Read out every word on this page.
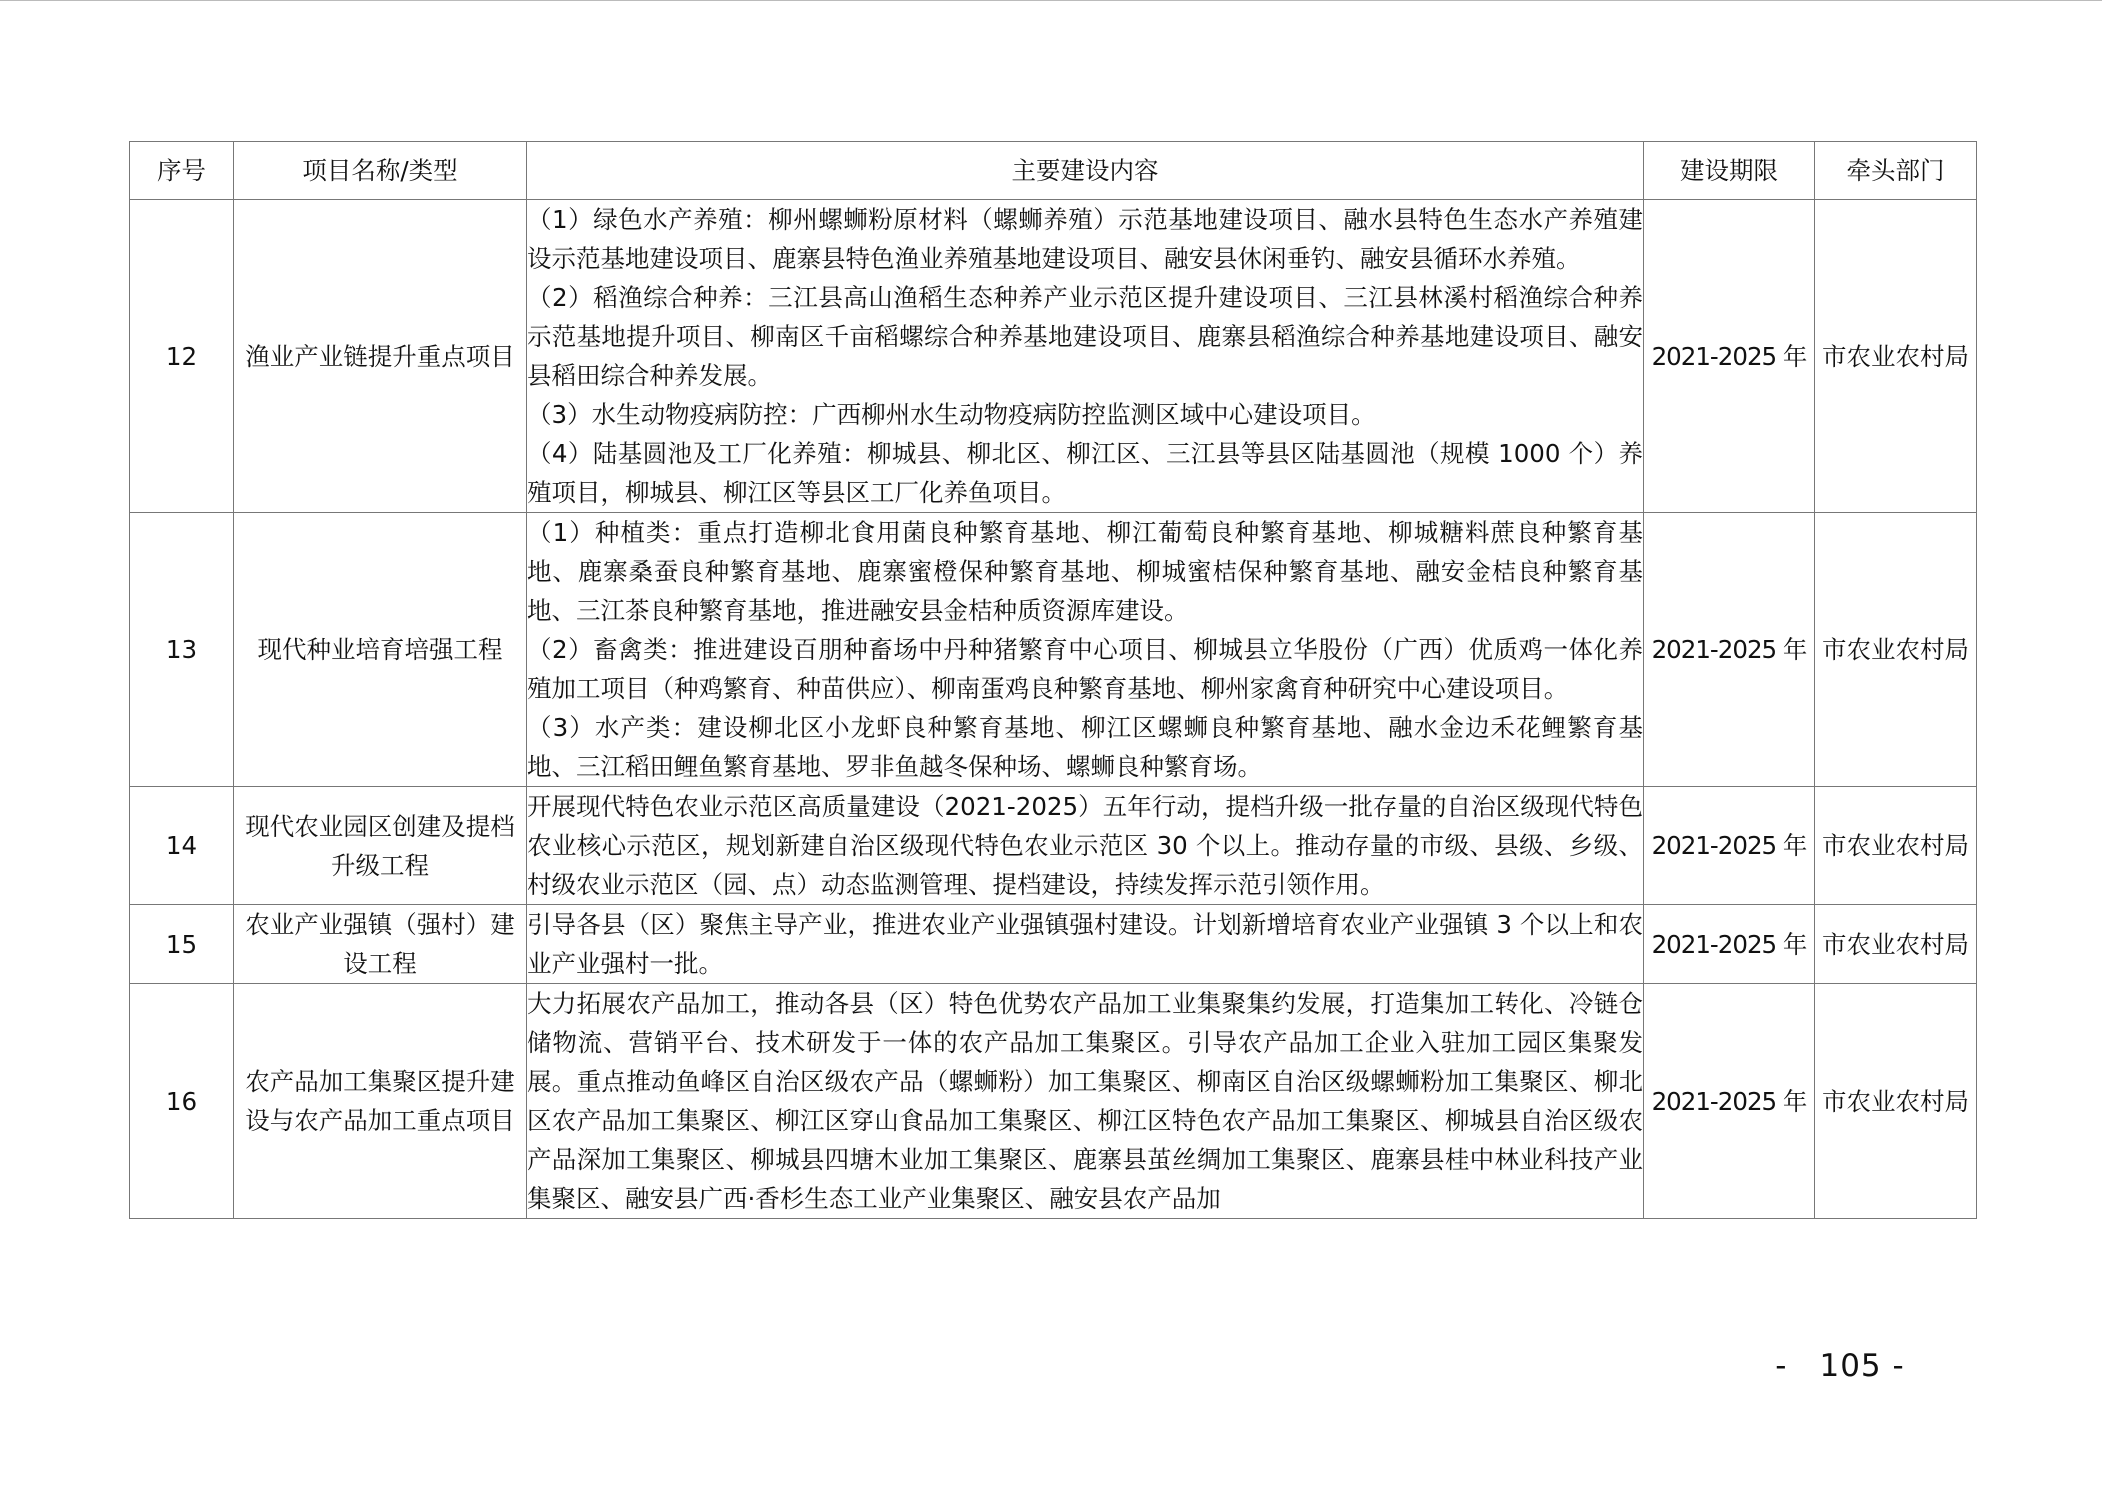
序号	项目名称/类型	主要建设内容	建设期限	牵头部门
12	渔业产业链提升重点项目	（1）绿色水产养殖：柳州螺蛳粉原材料（螺蛳养殖）示范基地建设项目、融水县特色生态水产养殖建设示范基地建设项目、鹿寨县特色渔业养殖基地建设项目、融安县休闲垂钓、融安县循环水养殖。

（2）稻渔综合种养：三江县高山渔稻生态种养产业示范区提升建设项目、三江县林溪村稻渔综合种养示范基地提升项目、柳南区千亩稻螺综合种养基地建设项目、鹿寨县稻渔综合种养基地建设项目、融安县稻田综合种养发展。

（3）水生动物疫病防控：广西柳州水生动物疫病防控监测区域中心建设项目。

（4）陆基圆池及工厂化养殖：柳城县、柳北区、柳江区、三江县等县区陆基圆池（规模 1000 个）养殖项目，柳城县、柳江区等县区工厂化养鱼项目。	2021-2025 年	市农业农村局
13	现代种业培育培强工程	（1）种植类：重点打造柳北食用菌良种繁育基地、柳江葡萄良种繁育基地、柳城糖料蔗良种繁育基地、鹿寨桑蚕良种繁育基地、鹿寨蜜橙保种繁育基地、柳城蜜桔保种繁育基地、融安金桔良种繁育基地、三江茶良种繁育基地，推进融安县金桔种质资源库建设。

（2）畜禽类：推进建设百朋种畜场中丹种猪繁育中心项目、柳城县立华股份（广西）优质鸡一体化养殖加工项目（种鸡繁育、种苗供应）、柳南蛋鸡良种繁育基地、柳州家禽育种研究中心建设项目。

（3）水产类：建设柳北区小龙虾良种繁育基地、柳江区螺蛳良种繁育基地、融水金边禾花鲤繁育基地、三江稻田鲤鱼繁育基地、罗非鱼越冬保种场、螺蛳良种繁育场。	2021-2025 年	市农业农村局
14	现代农业园区创建及提档升级工程	开展现代特色农业示范区高质量建设（2021-2025）五年行动，提档升级一批存量的自治区级现代特色农业核心示范区，规划新建自治区级现代特色农业示范区 30 个以上。推动存量的市级、县级、乡级、村级农业示范区（园、点）动态监测管理、提档建设，持续发挥示范引领作用。	2021-2025 年	市农业农村局
15	农业产业强镇（强村）建设工程	引导各县（区）聚焦主导产业，推进农业产业强镇强村建设。计划新增培育农业产业强镇 3 个以上和农业产业强村一批。	2021-2025 年	市农业农村局
16	农产品加工集聚区提升建设与农产品加工重点项目	大力拓展农产品加工，推动各县（区）特色优势农产品加工业集聚集约发展，打造集加工转化、冷链仓储物流、营销平台、技术研发于一体的农产品加工集聚区。引导农产品加工企业入驻加工园区集聚发展。重点推动鱼峰区自治区级农产品（螺蛳粉）加工集聚区、柳南区自治区级螺蛳粉加工集聚区、柳北区农产品加工集聚区、柳江区穿山食品加工集聚区、柳江区特色农产品加工集聚区、柳城县自治区级农产品深加工集聚区、柳城县四塘木业加工集聚区、鹿寨县茧丝绸加工集聚区、鹿寨县桂中林业科技产业集聚区、融安县广西·香杉生态工业产业集聚区、融安县农产品加	2021-2025 年	市农业农村局
-　105 -
